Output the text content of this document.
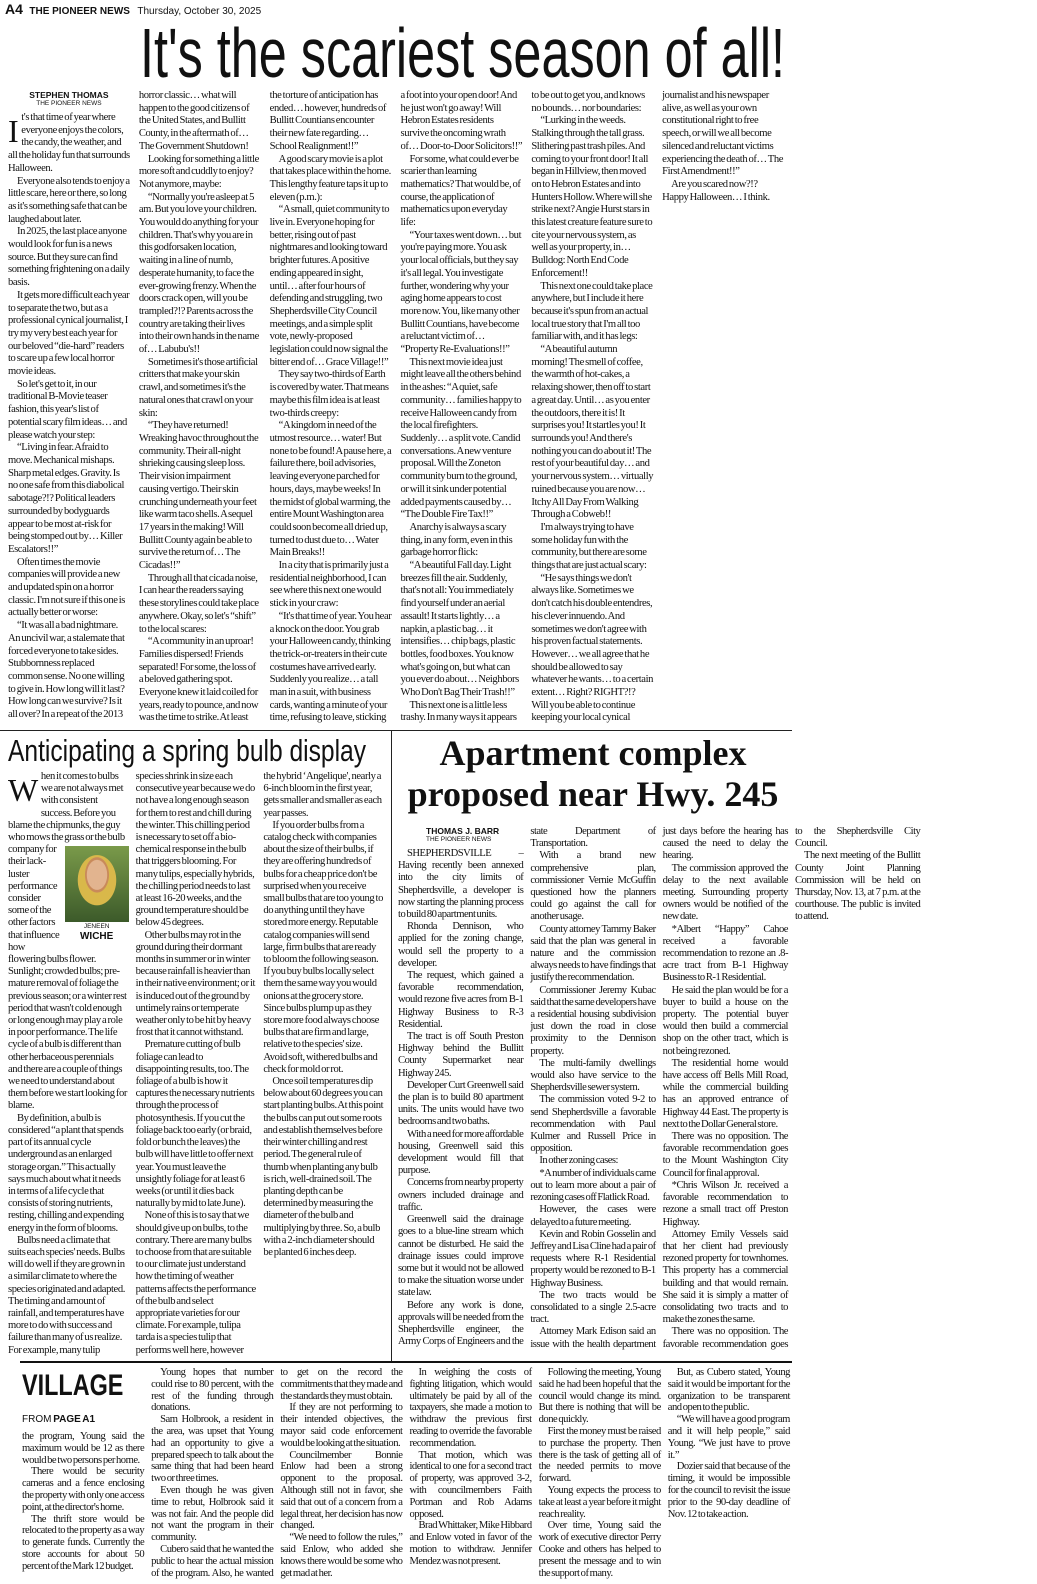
A4 THE PIONEER NEWS Thursday, October 30, 2025
It's the scariest season of all!
STEPHEN THOMAS
THE PIONEER NEWS

It's that time of year where everyone enjoys the colors, the candy, the weather, and all the holiday fun that surrounds Halloween.

Everyone also tends to enjoy a little scare, here or there, so long as it's something safe that can be laughed about later.

In 2025, the last place anyone would look for fun is a news source. But they sure can find something frightening on a daily basis.

It gets more difficult each year to separate the two, but as a professional cynical journalist, I try my very best each year for our beloved “die-hard” readers to scare up a few local horror movie ideas.

So let's get to it, in our traditional B-Movie teaser fashion, this year's list of potential scary film ideas… and please watch your step:

“Living in fear. Afraid to move. Mechanical mishaps. Sharp metal edges. Gravity. Is no one safe from this diabolical sabotage?!? Political leaders surrounded by bodyguards appear to be most at-risk for being stomped out by… Killer Escalators!!”

Often times the movie companies will provide a new and updated spin on a horror classic. I'm not sure if this one is actually better or worse:

“It was all a bad nightmare. An uncivil war, a stalemate that forced everyone to take sides. Stubbornness replaced common sense. No one willing to give in. How long will it last? How long can we survive? Is it all over? In a repeat of the 2013 horror classic… what will happen to the good citizens of the United States, and Bullitt County, in the aftermath of… The Government Shutdown!

Looking for something a little more soft and cuddly to enjoy? Not anymore, maybe:

“Normally you're asleep at 5 am. But you love your children. You would do anything for your children. That's why you are in this godforsaken location, waiting in a line of numb, desperate humanity, to face the ever-growing frenzy. When the doors crack open, will you be trampled?!? Parents across the country are taking their lives into their own hands in the name of… Labubu's!!

Sometimes it's those artificial critters that make your skin crawl, and sometimes it's the natural ones that crawl on your skin:

“They have returned! Wreaking havoc throughout the community. Their all-night shrieking causing sleep loss. Their vision impairment causing vertigo. Their skin crunching underneath your feet like warm taco shells. A sequel 17 years in the making! Will Bullitt County again be able to survive the return of… The Cicadas!!”

Through all that cicada noise, I can hear the readers saying these storylines could take place anywhere. Okay, so let's “shift” to the local scares:

“A community in an uproar! Families dispersed! Friends separated! For some, the loss of a beloved gathering spot. Everyone knew it laid coiled for years, ready to pounce, and now was the time to strike. At least the torture of anticipation has ended… however, hundreds of Bullitt Countians encounter their new fate regarding… School Realignment!!”

A good scary movie is a plot that takes place within the home. This lengthy feature taps it up to eleven (p.m.):

“A small, quiet community to live in. Everyone hoping for better, rising out of past nightmares and looking toward brighter futures. A positive ending appeared in sight, until… after four hours of defending and struggling, two Shepherdsville City Council meetings, and a simple split vote, newly-proposed legislation could now signal the bitter end of… Grace Village!!”

They say two-thirds of Earth is covered by water. That means maybe this film idea is at least two-thirds creepy:

“A kingdom in need of the utmost resource… water! But none to be found! A pause here, a failure there, boil advisories, leaving everyone parched for hours, days, maybe weeks! In the midst of global warming, the entire Mount Washington area could soon become all dried up, turned to dust due to… Water Main Breaks!!

In a city that is primarily just a residential neighborhood, I can see where this next one would stick in your craw:

“It's that time of year. You hear a knock on the door. You grab your Halloween candy, thinking the trick-or-treaters in their cute costumes have arrived early. Suddenly you realize… a tall man in a suit, with business cards, wanting a minute of your time, refusing to leave, sticking a foot into your open door! And he just won't go away! Will Hebron Estates residents survive the oncoming wrath of… Door-to-Door Solicitors!!”

For some, what could ever be scarier than learning mathematics? That would be, of course, the application of mathematics upon everyday life:

“Your taxes went down… but you're paying more. You ask your local officials, but they say it's all legal. You investigate further, wondering why your aging home appears to cost more now. You, like many other Bullitt Countians, have become a reluctant victim of… “Property Re-Evaluations!!”

This next movie idea just might leave all the others behind in the ashes: “A quiet, safe community… families happy to receive Halloween candy from the local firefighters. Suddenly… a split vote. Candid conversations. A new venture proposal. Will the Zoneton community burn to the ground, or will it sink under potential added payments caused by… “The Double Fire Tax!!”

Anarchy is always a scary thing, in any form, even in this garbage horror flick:

“A beautiful Fall day. Light breezes fill the air. Suddenly, that's not all: You immediately find yourself under an aerial assault! It starts lightly… a napkin, a plastic bag… it intensifies… chip bags, plastic bottles, food boxes. You know what's going on, but what can you ever do about… Neighbors Who Don't Bag Their Trash!!”

This next one is a little less trashy. In many ways it appears to be out to get you, and knows no bounds… nor boundaries:

“Lurking in the weeds. Stalking through the tall grass. Slithering past trash piles. And coming to your front door! It all began in Hillview, then moved on to Hebron Estates and into Hunters Hollow. Where will she strike next? Angie Hurst stars in this latest creature feature sure to cite your nervous system, as well as your property, in… Bulldog: North End Code Enforcement!!

This next one could take place anywhere, but I include it here because it's spun from an actual local true story that I'm all too familiar with, and it has legs:

“A beautiful autumn morning! The smell of coffee, the warmth of hot-cakes, a relaxing shower, then off to start a great day. Until… as you enter the outdoors, there it is! It surprises you! It startles you! It surrounds you! And there's nothing you can do about it! The rest of your beautiful day… and your nervous system… virtually ruined because you are now… Itchy All Day From Walking Through a Cobweb!!

I'm always trying to have some holiday fun with the community, but there are some things that are just actual scary:

“He says things we don't always like. Sometimes we don't catch his double entendres, his clever innuendo. And sometimes we don't agree with his proven factual statements. However… we all agree that he should be allowed to say whatever he wants… to a certain extent… Right? RIGHT?!? Will you be able to continue keeping your local cynical journalist and his newspaper alive, as well as your own constitutional right to free speech, or will we all become silenced and reluctant victims experiencing the death of… The First Amendment!!”

Are you scared now?!? Happy Halloween… I think.

Anticipating a spring bulb display

When it comes to bulbs we are not always met with consistent success. Before you blame the chipmunks, the guy who mows the grass or the bulb
JENEEN
WICHE
company for their lack-luster performance consider some of the other factors that influence how flowering bulbs flower. Sunlight; crowded bulbs; pre-mature removal of foliage the previous season; or a winter rest period that wasn't cold enough or long enough may play a role in poor performance. The life cycle of a bulb is different than other herbaceous perennials and there are a couple of things we need to understand about them before we start looking for blame.

By definition, a bulb is considered “a plant that spends part of its annual cycle underground as an enlarged storage organ.” This actually says much about what it needs in terms of a life cycle that consists of storing nutrients, resting, chilling and expending energy in the form of blooms.

Bulbs need a climate that suits each species' needs. Bulbs will do well if they are grown in a similar climate to where the species originated and adapted. The timing and amount of rainfall, and temperatures have more to do with success and failure than many of us realize. For example, many tulip species shrink in size each consecutive year because we do not have a long enough season for them to rest and chill during the winter. This chilling period is necessary to set off a bio-chemical response in the bulb that triggers blooming. For many tulips, especially hybrids, the chilling period needs to last at least 16-20 weeks, and the ground temperature should be below 45 degrees.

Other bulbs may rot in the ground during their dormant months in summer or in winter because rainfall is heavier than in their native environment; or it is induced out of the ground by untimely rains or temperate weather only to be hit by heavy frost that it cannot withstand.

Premature cutting of bulb foliage can lead to disappointing results, too. The foliage of a bulb is how it captures the necessary nutrients through the process of photosynthesis. If you cut the foliage back too early (or braid, fold or bunch the leaves) the bulb will have little to offer next year. You must leave the unsightly foliage for at least 6 weeks (or until it dies back naturally by mid to late June).

None of this is to say that we should give up on bulbs, to the contrary. There are many bulbs to choose from that are suitable to our climate just understand how the timing of weather patterns affects the performance of the bulb and select appropriate varieties for our climate. For example, tulipa tarda is a species tulip that performs well here, however the hybrid ‘Angelique', nearly a 6-inch bloom in the first year, gets smaller and smaller as each year passes.

If you order bulbs from a catalog check with companies about the size of their bulbs, if they are offering hundreds of bulbs for a cheap price don't be surprised when you receive small bulbs that are too young to do anything until they have stored more energy. Reputable catalog companies will send large, firm bulbs that are ready to bloom the following season. If you buy bulbs locally select them the same way you would onions at the grocery store. Since bulbs plump up as they store more food always choose bulbs that are firm and large, relative to the species' size. Avoid soft, withered bulbs and check for mold or rot.

Once soil temperatures dip below about 60 degrees you can start planting bulbs. At this point the bulbs can put out some roots and establish themselves before their winter chilling and rest period. The general rule of thumb when planting any bulb is rich, well-drained soil. The planting depth can be determined by measuring the diameter of the bulb and multiplying by three. So, a bulb with a 2-inch diameter should be planted 6 inches deep.

Apartment complex
proposed near Hwy. 245
THOMAS J. BARR
THE PIONEER NEWS

SHEPHERDSVILLE – Having recently been annexed into the city limits of Shepherdsville, a developer is now starting the planning process to build 80 apartment units.

Rhonda Dennison, who applied for the zoning change, would sell the property to a developer.

The request, which gained a favorable recommendation, would rezone five acres from B-1 Highway Business to R-3 Residential.

The tract is off South Preston Highway behind the Bullitt County Supermarket near Highway 245.

Developer Curt Greenwell said the plan is to build 80 apartment units. The units would have two bedrooms and two baths.

With a need for more affordable housing, Greenwell said this development would fill that purpose.

Concerns from nearby property owners included drainage and traffic.

Greenwell said the drainage goes to a blue-line stream which cannot be disturbed. He said the drainage issues could improve some but it would not be allowed to make the situation worse under state law.

Before any work is done, approvals will be needed from the Shepherdsville engineer, the Army Corps of Engineers and the state Department of Transportation.

With a brand new comprehensive plan, commissioner Vernie McGuffin questioned how the planners could go against the call for another usage.

County attorney Tammy Baker said that the plan was general in nature and the commission always needs to have findings that justify the recommendation.

Commissioner Jeremy Kubac said that the same developers have a residential housing subdivision just down the road in close proximity to the Dennison property.

The multi-family dwellings would also have service to the Shepherdsville sewer system.

The commission voted 9-2 to send Shepherdsville a favorable recommendation with Paul Kulmer and Russell Price in opposition.

In other zoning cases:

*A number of individuals came out to learn more about a pair of rezoning cases off Flatlick Road.

However, the cases were delayed to a future meeting.

Kevin and Robin Gosselin and Jeffrey and Lisa Cline had a pair of requests where R-1 Residential property would be rezoned to B-1 Highway Business.

The two tracts would be consolidated to a single 2.5-acre tract.

Attorney Mark Edison said an issue with the health department just days before the hearing has caused the need to delay the hearing.

The commission approved the delay to the next available meeting. Surrounding property owners would be notified of the new date.

*Albert “Happy” Cahoe received a favorable recommendation to rezone an .8-acre tract from B-1 Highway Business to R-1 Residential.

He said the plan would be for a buyer to build a house on the property. The potential buyer would then build a commercial shop on the other tract, which is not being rezoned.

The residential home would have access off Bells Mill Road, while the commercial building has an approved entrance of Highway 44 East. The property is next to the Dollar General store.

There was no opposition. The favorable recommendation goes to the Mount Washington City Council for final approval.

*Chris Wilson Jr. received a favorable recommendation to rezone a small tract off Preston Highway.

Attorney Emily Vessels said that her client had previously rezoned property for townhomes. This property has a commercial building and that would remain. She said it is simply a matter of consolidating two tracts and to make the zones the same.

There was no opposition. The favorable recommendation goes to the Shepherdsville City Council.

The next meeting of the Bullitt County Joint Planning Commission will be held on Thursday, Nov. 13, at 7 p.m. at the courthouse. The public is invited to attend.

VILLAGE
FROM PAGE A1

the program, Young said the maximum would be 12 as there would be two persons per home.

There would be security cameras and a fence enclosing the property with only one access point, at the director's home.

The thrift store would be relocated to the property as a way to generate funds. Currently the store accounts for about 50 percent of the Mark 12 budget.

Young hopes that number could rise to 80 percent, with the rest of the funding through donations.

Sam Holbrook, a resident in the area, was upset that Young had an opportunity to give a prepared speech to talk about the same thing that had been heard two or three times.

Even though he was given time to rebut, Holbrook said it was not fair. And the people did not want the program in their community.

Cubero said that he wanted the public to hear the actual mission of the program. Also, he wanted to get on the record the commitments that they made and the standards they must obtain.

If they are not performing to their intended objectives, the mayor said code enforcement would be looking at the situation.

Councilmember Bonnie Enlow had been a strong opponent to the proposal. Although still not in favor, she said that out of a concern from a legal threat, her decision has now changed.

“We need to follow the rules,” said Enlow, who added she knows there would be some who get mad at her.

In weighing the costs of fighting litigation, which would ultimately be paid by all of the taxpayers, she made a motion to withdraw the previous first reading to override the favorable recommendation.

That motion, which was identical to one for a second tract of property, was approved 3-2, with councilmembers Faith Portman and Rob Adams opposed.

Brad Whittaker, Mike Hibbard and Enlow voted in favor of the motion to withdraw. Jennifer Mendez was not present.

Following the meeting, Young said he had been hopeful that the council would change its mind. But there is nothing that will be done quickly.

First the money must be raised to purchase the property. Then there is the task of getting all of the needed permits to move forward.

Young expects the process to take at least a year before it might reach reality.

Over time, Young said the work of executive director Perry Cooke and others has helped to present the message and to win the support of many.

But, as Cubero stated, Young said it would be important for the organization to be transparent and open to the public.

“We will have a good program and it will help people,” said Young. “We just have to prove it.”

Dozier said that because of the timing, it would be impossible for the council to revisit the issue prior to the 90-day deadline of Nov. 12 to take action.
